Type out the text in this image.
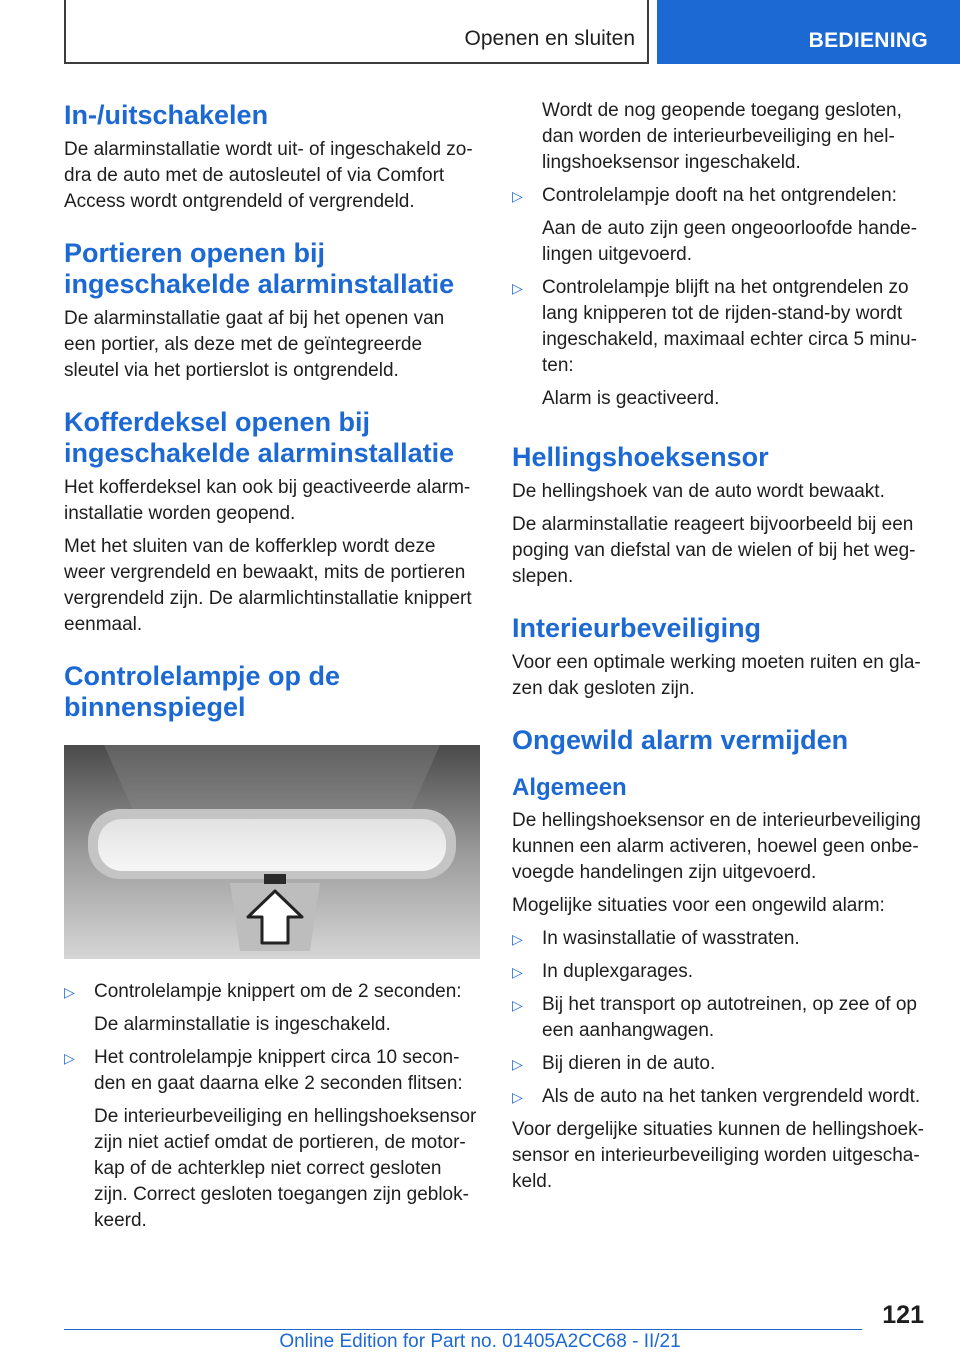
Openen en sluiten	BEDIENING
In-/uitschakelen

De alarminstallatie wordt uit- of ingeschakeld zodra de auto met de autosleutel of via Comfort Access wordt ontgrendeld of vergrendeld.

Portieren openen bij ingeschakelde alarminstallatie

De alarminstallatie gaat af bij het openen van een portier, als deze met de geïntegreerde sleutel via het portierslot is ontgrendeld.

Kofferdeksel openen bij ingeschakelde alarminstallatie

Het kofferdeksel kan ook bij geactiveerde alarminstallatie worden geopend.

Met het sluiten van de kofferklep wordt deze weer vergrendeld en bewaakt, mits de portieren vergrendeld zijn. De alarmlichtinstallatie knippert eenmaal.

Controlelampje op de binnenspiegel
▷ Controlelampje knippert om de 2 seconden:
De alarminstallatie is ingeschakeld.
▷ Het controlelampje knippert circa 10 seconden en gaat daarna elke 2 seconden flitsen:
De interieurbeveiliging en hellingshoeksensor zijn niet actief omdat de portieren, de motorkap of de achterklep niet correct gesloten zijn. Correct gesloten toegangen zijn geblokkeerd.
Wordt de nog geopende toegang gesloten, dan worden de interieurbeveiliging en hellingshoeksensor ingeschakeld.
▷ Controlelampje dooft na het ontgrendelen:
Aan de auto zijn geen ongeoorloofde handelingen uitgevoerd.
▷ Controlelampje blijft na het ontgrendelen zo lang knipperen tot de rijden-stand-by wordt ingeschakeld, maximaal echter circa 5 minuten:
Alarm is geactiveerd.
Hellingshoeksensor

De hellingshoek van de auto wordt bewaakt.

De alarminstallatie reageert bijvoorbeeld bij een poging van diefstal van de wielen of bij het wegslepen.

Interieurbeveiliging

Voor een optimale werking moeten ruiten en glazen dak gesloten zijn.

Ongewild alarm vermijden
Algemeen

De hellingshoeksensor en de interieurbeveiliging kunnen een alarm activeren, hoewel geen onbevoegde handelingen zijn uitgevoerd.

Mogelijke situaties voor een ongewild alarm:

▷ In wasinstallatie of wasstraten.
▷ In duplexgarages.
▷ Bij het transport op autotreinen, op zee of op een aanhangwagen.
▷ Bij dieren in de auto.
▷ Als de auto na het tanken vergrendeld wordt.

Voor dergelijke situaties kunnen de hellingshoeksensor en interieurbeveiliging worden uitgeschakeld.

121
Online Edition for Part no. 01405A2CC68 - II/21
